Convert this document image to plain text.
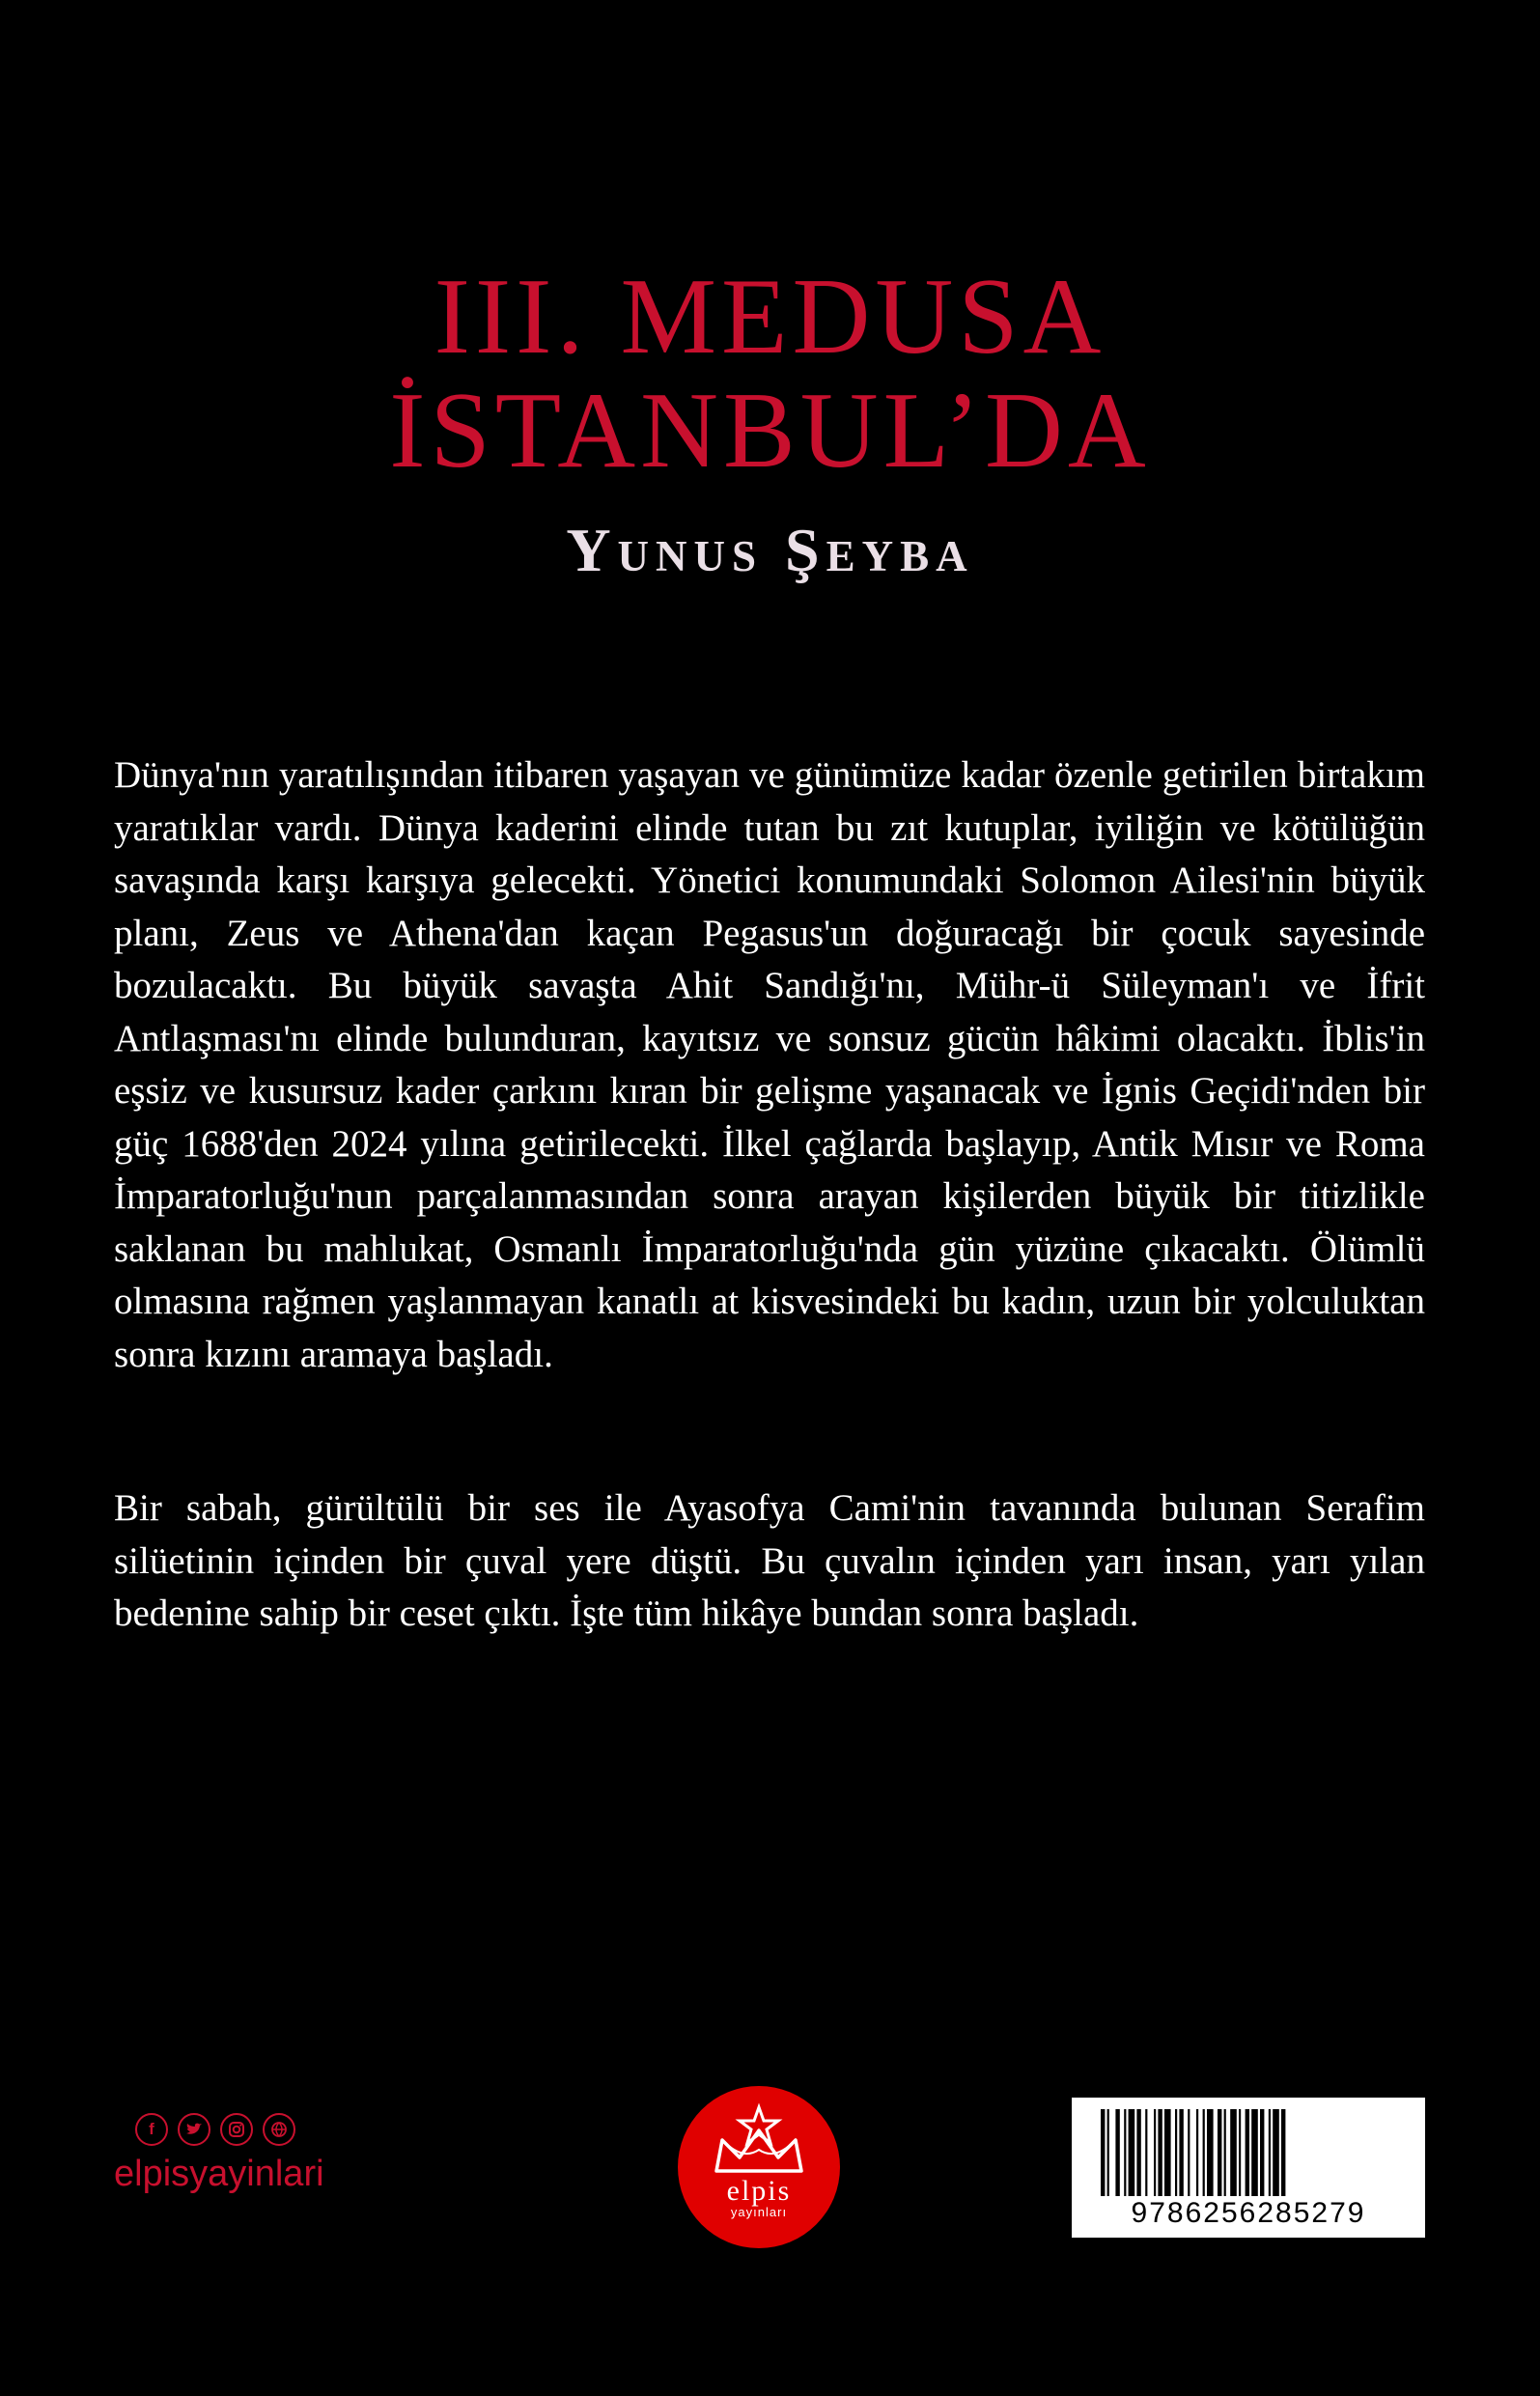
III. MEDUSA
İSTANBUL’DA
Yunus Şeyba

Dünya'nın yaratılışından itibaren yaşayan ve günümüze kadar özenle getirilen birtakım yaratıklar vardı. Dünya kaderini elinde tutan bu zıt kutuplar, iyiliğin ve kötülüğün savaşında karşı karşıya gelecekti. Yönetici konumundaki Solomon Ailesi'nin büyük planı, Zeus ve Athena'dan kaçan Pegasus'un doğuracağı bir çocuk sayesinde bozulacaktı. Bu büyük savaşta Ahit Sandığı'nı, Mühr-ü Süleyman'ı ve İfrit Antlaşması'nı elinde bulunduran, kayıtsız ve sonsuz gücün hâkimi olacaktı. İblis'in eşsiz ve kusursuz kader çarkını kıran bir gelişme yaşanacak ve İgnis Geçidi'nden bir güç 1688'den 2024 yılına getirilecekti. İlkel çağlarda başlayıp, Antik Mısır ve Roma İmparatorluğu'nun parçalanmasından sonra arayan kişilerden büyük bir titizlikle saklanan bu mahlukat, Osmanlı İmparatorluğu'nda gün yüzüne çıkacaktı. Ölümlü olmasına rağmen yaşlanmayan kanatlı at kisvesindeki bu kadın, uzun bir yolculuktan sonra kızını aramaya başladı.

Bir sabah, gürültülü bir ses ile Ayasofya Cami'nin tavanında bulunan Serafim silüetinin içinden bir çuval yere düştü. Bu çuvalın içinden yarı insan, yarı yılan bedenine sahip bir ceset çıktı. İşte tüm hikâye bundan sonra başladı.

f
elpisyayinlari	elpis
yayınları	9786256285279
